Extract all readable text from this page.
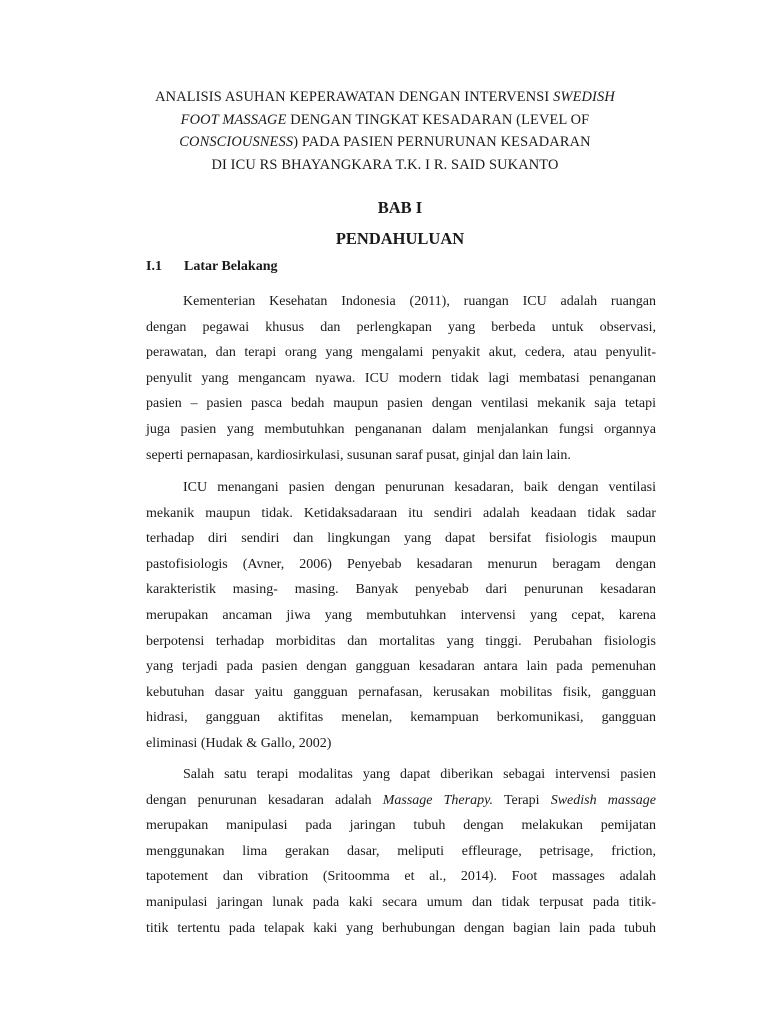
ANALISIS ASUHAN KEPERAWATAN DENGAN INTERVENSI SWEDISH
FOOT MASSAGE DENGAN TINGKAT KESADARAN (LEVEL OF
CONSCIOUSNESS) PADA PASIEN PERNURUNAN KESADARAN
DI ICU RS BHAYANGKARA T.K. I R. SAID SUKANTO
BAB I
PENDAHULUAN
I.1 Latar Belakang
Kementerian Kesehatan Indonesia (2011), ruangan ICU adalah ruangan
dengan pegawai khusus dan perlengkapan yang berbeda untuk observasi,
perawatan, dan terapi orang yang mengalami penyakit akut, cedera, atau penyulit-
penyulit yang mengancam nyawa. ICU modern tidak lagi membatasi penanganan
pasien – pasien pasca bedah maupun pasien dengan ventilasi mekanik saja tetapi
juga pasien yang membutuhkan pengananan dalam menjalankan fungsi organnya
seperti pernapasan, kardiosirkulasi, susunan saraf pusat, ginjal dan lain lain.
ICU menangani pasien dengan penurunan kesadaran, baik dengan ventilasi
mekanik maupun tidak. Ketidaksadaraan itu sendiri adalah keadaan tidak sadar
terhadap diri sendiri dan lingkungan yang dapat bersifat fisiologis maupun
pastofisiologis (Avner, 2006) Penyebab kesadaran menurun beragam dengan
karakteristik masing- masing. Banyak penyebab dari penurunan kesadaran
merupakan ancaman jiwa yang membutuhkan intervensi yang cepat, karena
berpotensi terhadap morbiditas dan mortalitas yang tinggi. Perubahan fisiologis
yang terjadi pada pasien dengan gangguan kesadaran antara lain pada pemenuhan
kebutuhan dasar yaitu gangguan pernafasan, kerusakan mobilitas fisik, gangguan
hidrasi, gangguan aktifitas menelan, kemampuan berkomunikasi, gangguan
eliminasi (Hudak & Gallo, 2002)
Salah satu terapi modalitas yang dapat diberikan sebagai intervensi pasien
dengan penurunan kesadaran adalah Massage Therapy. Terapi Swedish massage
merupakan manipulasi pada jaringan tubuh dengan melakukan pemijatan
menggunakan lima gerakan dasar, meliputi effleurage, petrisage, friction,
tapotement dan vibration (Sritoomma et al., 2014). Foot massages adalah
manipulasi jaringan lunak pada kaki secara umum dan tidak terpusat pada titik-
titik tertentu pada telapak kaki yang berhubungan dengan bagian lain pada tubuh
